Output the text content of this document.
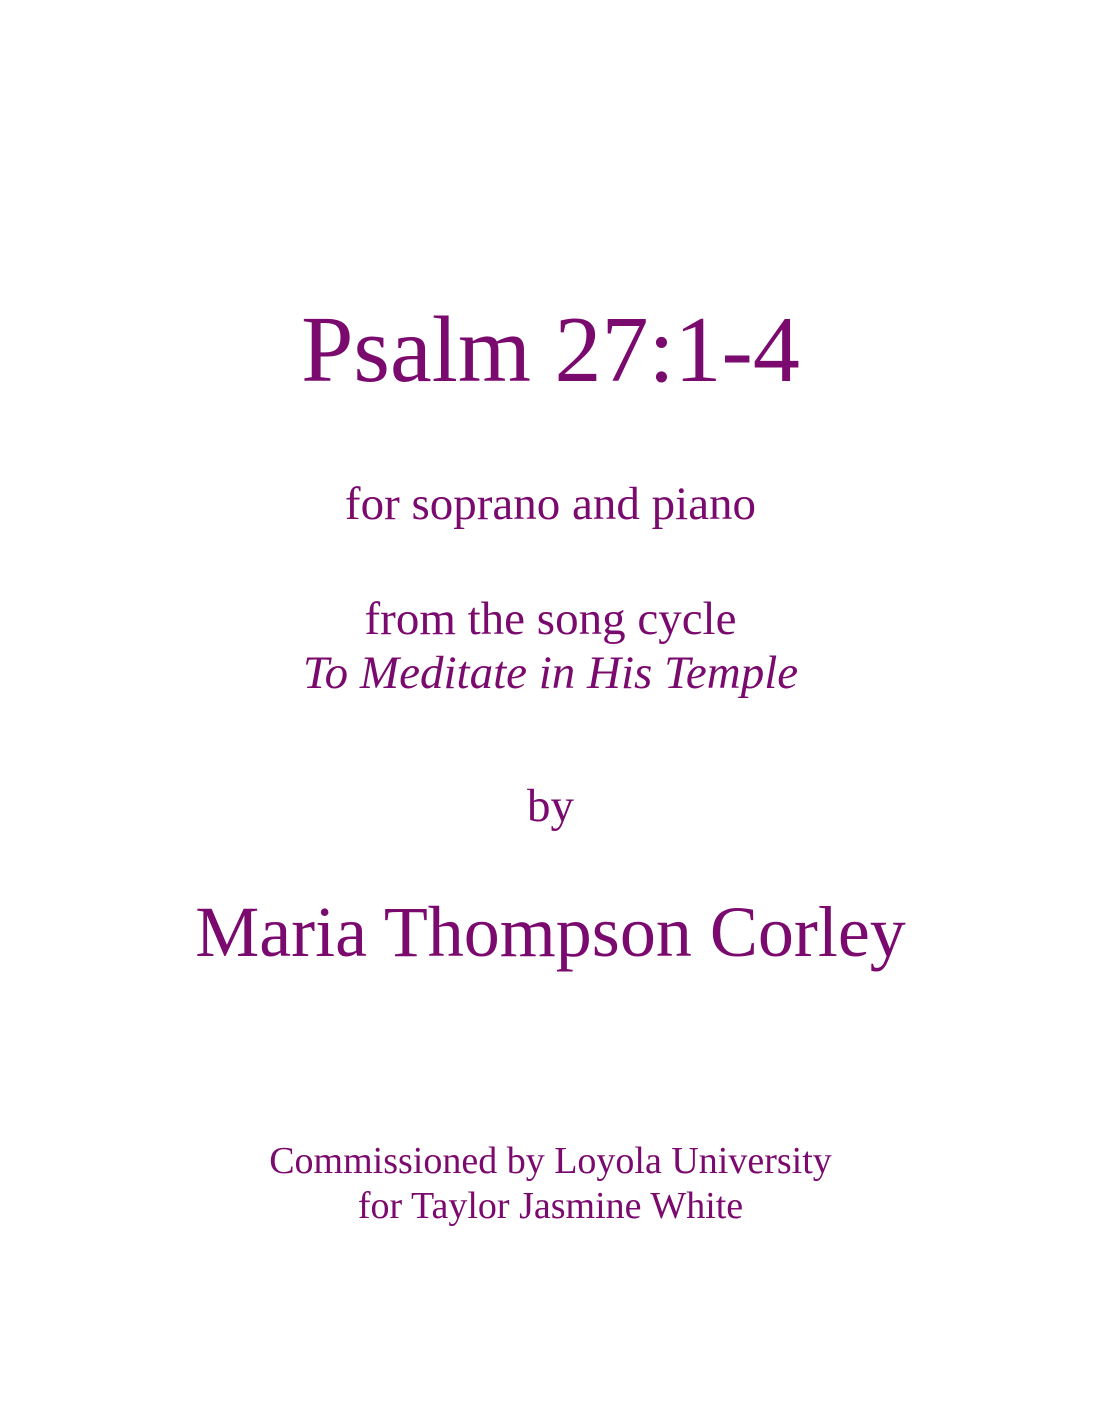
Psalm 27:1-4
for soprano and piano
from the song cycle
To Meditate in His Temple
by
Maria Thompson Corley
Commissioned by Loyola University
for Taylor Jasmine White
